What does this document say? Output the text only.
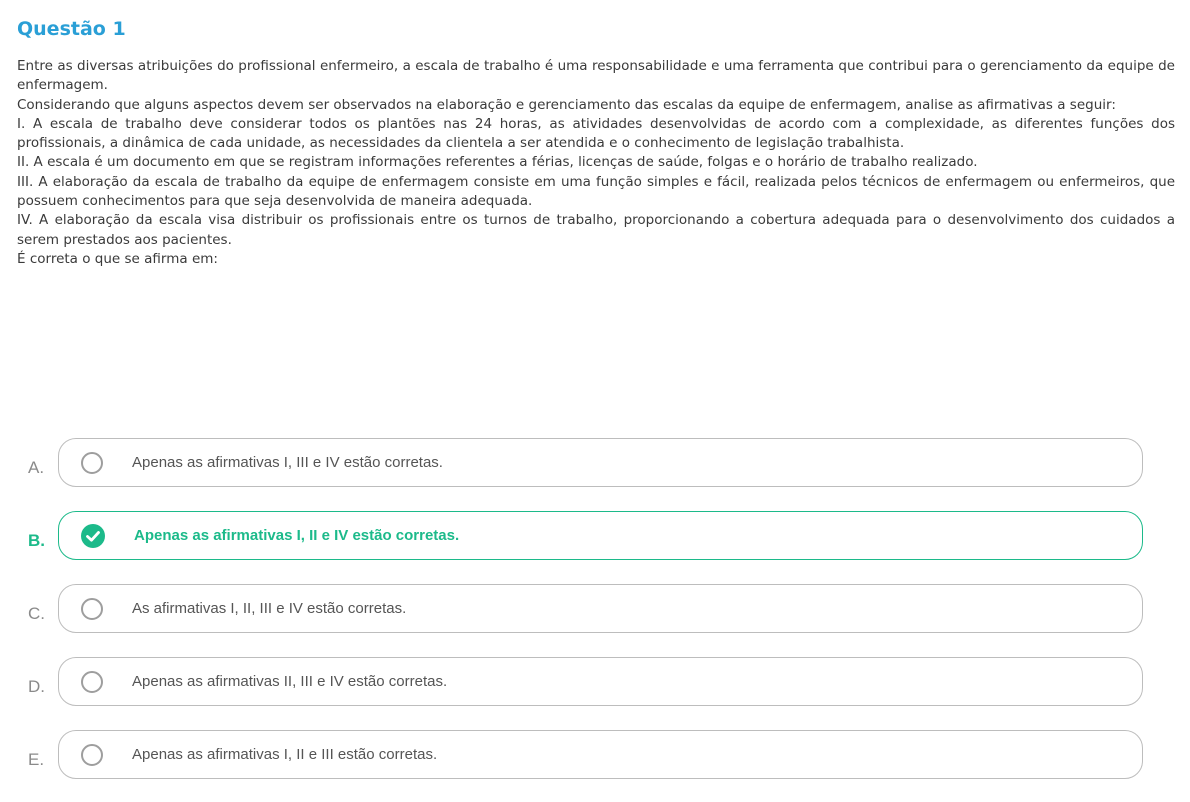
Questão 1

Entre as diversas atribuições do profissional enfermeiro, a escala de trabalho é uma responsabilidade e uma ferramenta que contribui para o gerenciamento da equipe de enfermagem.

Considerando que alguns aspectos devem ser observados na elaboração e gerenciamento das escalas da equipe de enfermagem, analise as afirmativas a seguir:

I. A escala de trabalho deve considerar todos os plantões nas 24 horas, as atividades desenvolvidas de acordo com a complexidade, as diferentes funções dos profissionais, a dinâmica de cada unidade, as necessidades da clientela a ser atendida e o conhecimento de legislação trabalhista.

II. A escala é um documento em que se registram informações referentes a férias, licenças de saúde, folgas e o horário de trabalho realizado.

III. A elaboração da escala de trabalho da equipe de enfermagem consiste em uma função simples e fácil, realizada pelos técnicos de enfermagem ou enfermeiros, que possuem conhecimentos para que seja desenvolvida de maneira adequada.

IV. A elaboração da escala visa distribuir os profissionais entre os turnos de trabalho, proporcionando a cobertura adequada para o desenvolvimento dos cuidados a serem prestados aos pacientes.

É correta o que se afirma em:

A.	Apenas as afirmativas I, III e IV estão corretas.
B.	Apenas as afirmativas I, II e IV estão corretas.
C.	As afirmativas I, II, III e IV estão corretas.
D.	Apenas as afirmativas II, III e IV estão corretas.
E.	Apenas as afirmativas I, II e III estão corretas.
